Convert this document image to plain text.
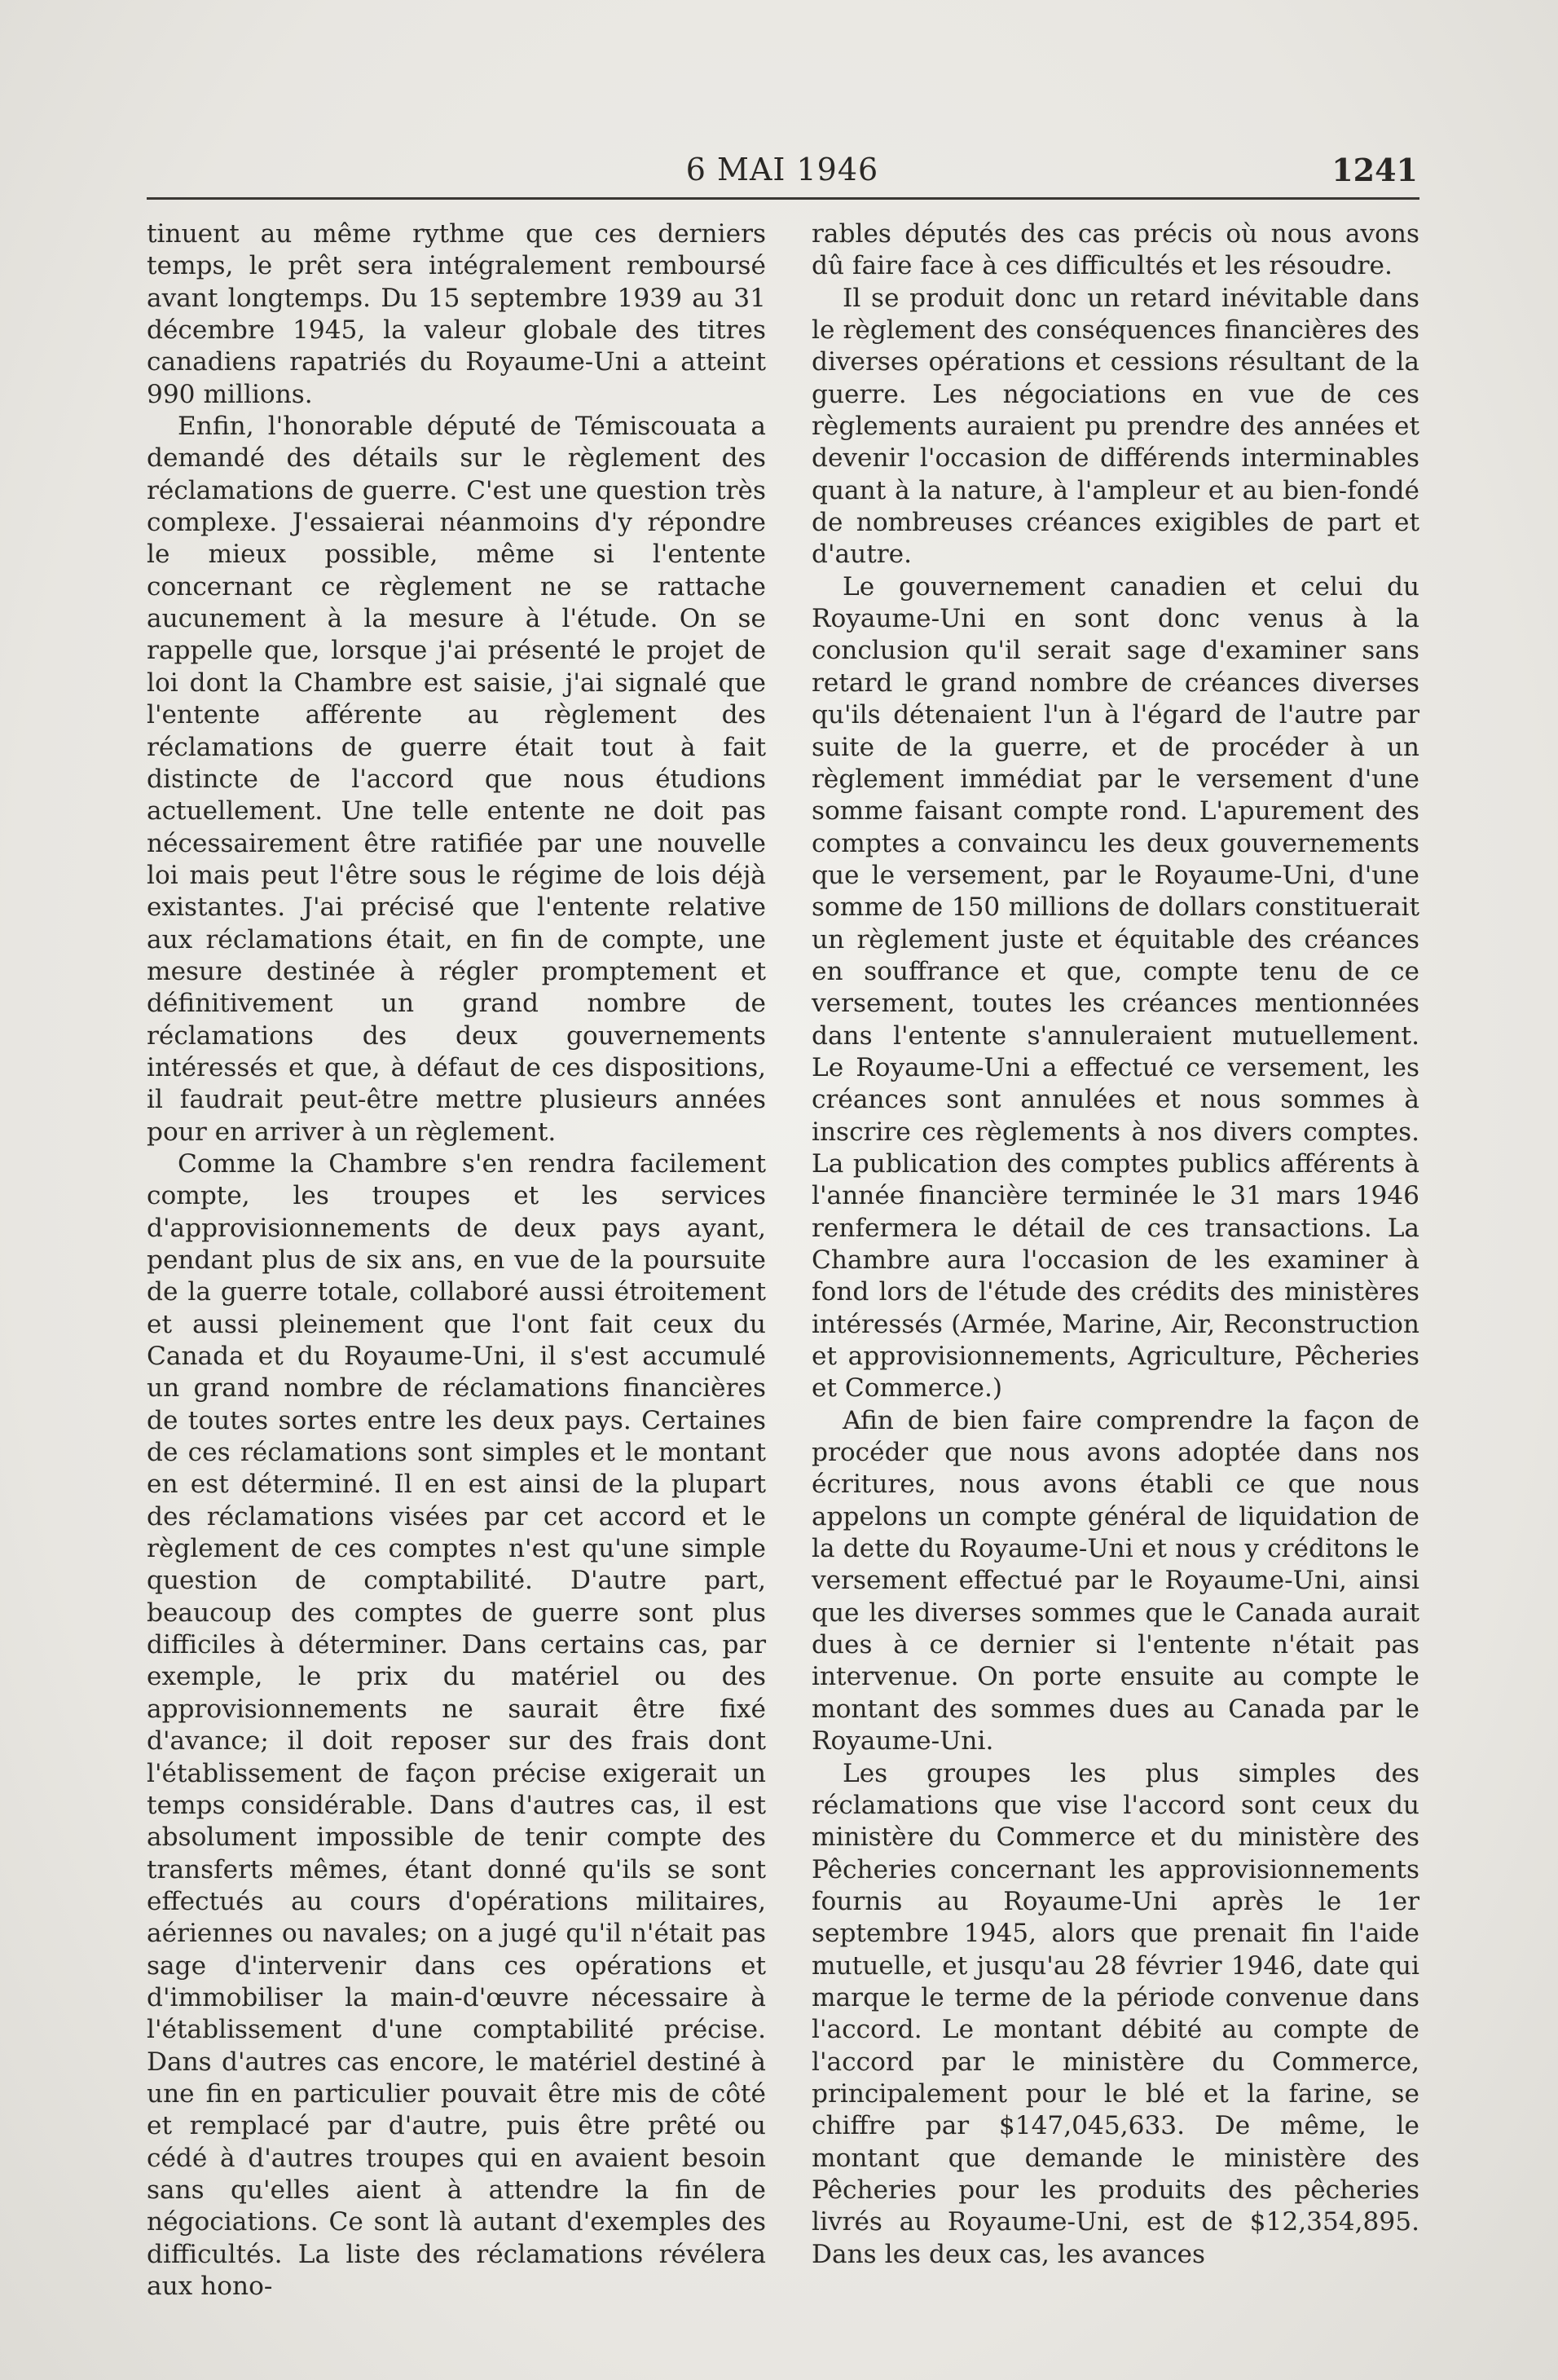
6 MAI 1946	1241

tinuent au même rythme que ces derniers temps, le prêt sera intégralement remboursé avant longtemps. Du 15 septembre 1939 au 31 décembre 1945, la valeur globale des titres canadiens rapatriés du Royaume-Uni a atteint 990 millions.

Enfin, l'honorable député de Témiscouata a demandé des détails sur le règlement des réclamations de guerre. C'est une question très complexe. J'essaierai néanmoins d'y répondre le mieux possible, même si l'entente concernant ce règlement ne se rattache aucunement à la mesure à l'étude. On se rappelle que, lorsque j'ai présenté le projet de loi dont la Chambre est saisie, j'ai signalé que l'entente afférente au règlement des réclamations de guerre était tout à fait distincte de l'accord que nous étudions actuellement. Une telle entente ne doit pas nécessairement être ratifiée par une nouvelle loi mais peut l'être sous le régime de lois déjà existantes. J'ai précisé que l'entente relative aux réclamations était, en fin de compte, une mesure destinée à régler promptement et définitivement un grand nombre de réclamations des deux gouvernements intéressés et que, à défaut de ces dispositions, il faudrait peut-être mettre plusieurs années pour en arriver à un règlement.

Comme la Chambre s'en rendra facilement compte, les troupes et les services d'approvisionnements de deux pays ayant, pendant plus de six ans, en vue de la poursuite de la guerre totale, collaboré aussi étroitement et aussi pleinement que l'ont fait ceux du Canada et du Royaume-Uni, il s'est accumulé un grand nombre de réclamations financières de toutes sortes entre les deux pays. Certaines de ces réclamations sont simples et le montant en est déterminé. Il en est ainsi de la plupart des réclamations visées par cet accord et le règlement de ces comptes n'est qu'une simple question de comptabilité. D'autre part, beaucoup des comptes de guerre sont plus difficiles à déterminer. Dans certains cas, par exemple, le prix du matériel ou des approvisionnements ne saurait être fixé d'avance; il doit reposer sur des frais dont l'établissement de façon précise exigerait un temps considérable. Dans d'autres cas, il est absolument impossible de tenir compte des transferts mêmes, étant donné qu'ils se sont effectués au cours d'opérations militaires, aériennes ou navales; on a jugé qu'il n'était pas sage d'intervenir dans ces opérations et d'immobiliser la main-d'œuvre nécessaire à l'établissement d'une comptabilité précise. Dans d'autres cas encore, le matériel destiné à une fin en particulier pouvait être mis de côté et remplacé par d'autre, puis être prêté ou cédé à d'autres troupes qui en avaient besoin sans qu'elles aient à attendre la fin de négociations. Ce sont là autant d'exemples des difficultés. La liste des réclamations révélera aux hono-

rables députés des cas précis où nous avons dû faire face à ces difficultés et les résoudre.

Il se produit donc un retard inévitable dans le règlement des conséquences financières des diverses opérations et cessions résultant de la guerre. Les négociations en vue de ces règlements auraient pu prendre des années et devenir l'occasion de différends interminables quant à la nature, à l'ampleur et au bien-fondé de nombreuses créances exigibles de part et d'autre.

Le gouvernement canadien et celui du Royaume-Uni en sont donc venus à la conclusion qu'il serait sage d'examiner sans retard le grand nombre de créances diverses qu'ils détenaient l'un à l'égard de l'autre par suite de la guerre, et de procéder à un règlement immédiat par le versement d'une somme faisant compte rond. L'apurement des comptes a convaincu les deux gouvernements que le versement, par le Royaume-Uni, d'une somme de 150 millions de dollars constituerait un règlement juste et équitable des créances en souffrance et que, compte tenu de ce versement, toutes les créances mentionnées dans l'entente s'annuleraient mutuellement. Le Royaume-Uni a effectué ce versement, les créances sont annulées et nous sommes à inscrire ces règlements à nos divers comptes. La publication des comptes publics afférents à l'année financière terminée le 31 mars 1946 renfermera le détail de ces transactions. La Chambre aura l'occasion de les examiner à fond lors de l'étude des crédits des ministères intéressés (Armée, Marine, Air, Reconstruction et approvisionnements, Agriculture, Pêcheries et Commerce.)

Afin de bien faire comprendre la façon de procéder que nous avons adoptée dans nos écritures, nous avons établi ce que nous appelons un compte général de liquidation de la dette du Royaume-Uni et nous y créditons le versement effectué par le Royaume-Uni, ainsi que les diverses sommes que le Canada aurait dues à ce dernier si l'entente n'était pas intervenue. On porte ensuite au compte le montant des sommes dues au Canada par le Royaume-Uni.

Les groupes les plus simples des réclamations que vise l'accord sont ceux du ministère du Commerce et du ministère des Pêcheries concernant les approvisionnements fournis au Royaume-Uni après le 1er septembre 1945, alors que prenait fin l'aide mutuelle, et jusqu'au 28 février 1946, date qui marque le terme de la période convenue dans l'accord. Le montant débité au compte de l'accord par le ministère du Commerce, principalement pour le blé et la farine, se chiffre par $147,045,633. De même, le montant que demande le ministère des Pêcheries pour les produits des pêcheries livrés au Royaume-Uni, est de $12,354,895. Dans les deux cas, les avances
